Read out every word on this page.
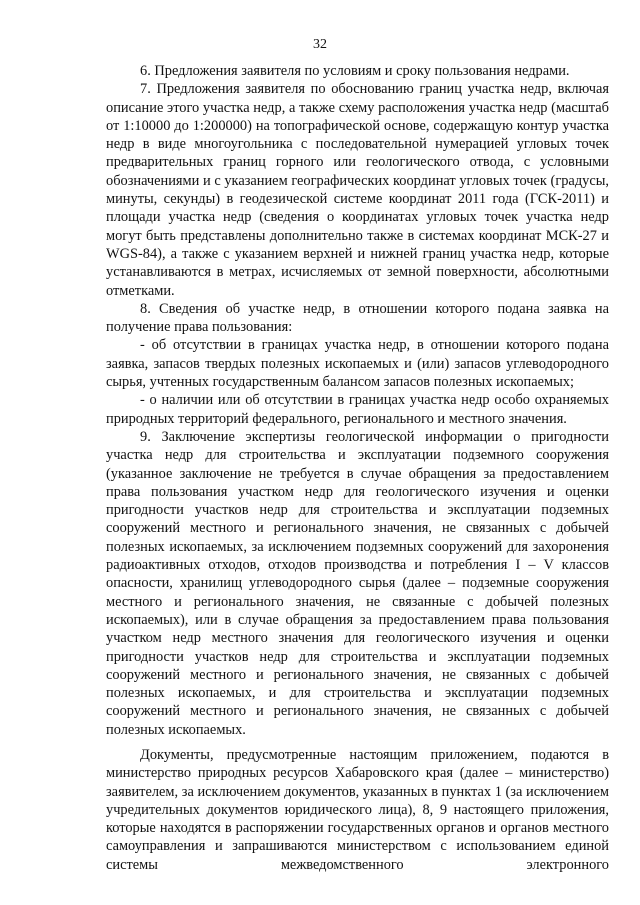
32

6. Предложения заявителя по условиям и сроку пользования недрами.

7. Предложения заявителя по обоснованию границ участка недр, включая описание этого участка недр, а также схему расположения участка недр (масштаб от 1:10000 до 1:200000) на топографической основе, содержащую контур участка недр в виде многоугольника с последовательной нумерацией угловых точек предварительных границ горного или геологического отвода, с условными обозначениями и с указанием географических координат угловых точек (градусы, минуты, секунды) в геодезической системе координат 2011 года (ГСК-2011) и площади участка недр (сведения о координатах угловых точек участка недр могут быть представлены дополнительно также в системах координат МСК-27 и WGS-84), а также с указанием верхней и нижней границ участка недр, которые устанавливаются в метрах, исчисляемых от земной поверхности, абсолютными отметками.

8. Сведения об участке недр, в отношении которого подана заявка на получение права пользования:

- об отсутствии в границах участка недр, в отношении которого подана заявка, запасов твердых полезных ископаемых и (или) запасов углеводородного сырья, учтенных государственным балансом запасов полезных ископаемых;

- о наличии или об отсутствии в границах участка недр особо охраняемых природных территорий федерального, регионального и местного значения.

9. Заключение экспертизы геологической информации о пригодности участка недр для строительства и эксплуатации подземного сооружения (указанное заключение не требуется в случае обращения за предоставлением права пользования участком недр для геологического изучения и оценки пригодности участков недр для строительства и эксплуатации подземных сооружений местного и регионального значения, не связанных с добычей полезных ископаемых, за исключением подземных сооружений для захоронения радиоактивных отходов, отходов производства и потребления I – V классов опасности, хранилищ углеводородного сырья (далее – подземные сооружения местного и регионального значения, не связанные с добычей полезных ископаемых), или в случае обращения за предоставлением права пользования участком недр местного значения для геологического изучения и оценки пригодности участков недр для строительства и эксплуатации подземных сооружений местного и регионального значения, не связанных с добычей полезных ископаемых, и для строительства и эксплуатации подземных сооружений местного и регионального значения, не связанных с добычей полезных ископаемых.

Документы, предусмотренные настоящим приложением, подаются в министерство природных ресурсов Хабаровского края (далее – министерство) заявителем, за исключением документов, указанных в пунктах 1 (за исключением учредительных документов юридического лица), 8, 9 настоящего приложения, которые находятся в распоряжении государственных органов и органов местного самоуправления и запрашиваются министерством с использованием единой системы межведомственного электронного
